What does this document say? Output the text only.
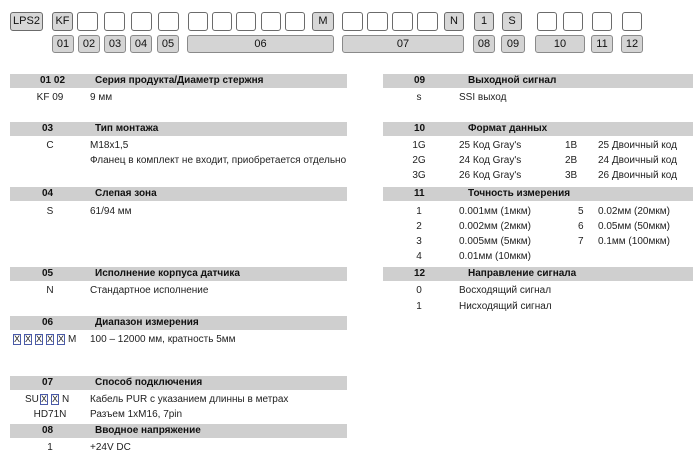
LPS2	KF	M	N	1	S
01	02	03	04	05	06	07	08	09	10	11	12
01 02	Серия продукта/Диаметр стержня
KF 09	9 мм
03	Тип монтажа
C	M18x1,5
Фланец в комплект не входит, приобретается отдельно
04	Слепая зона
S	61/94 мм
05	Исполнение корпуса датчика
N	Стандартное исполнение
06	Диапазон измерения
X X X X X M 100 – 12000 мм, кратность 5мм
07	Способ подключения
SU X X N Кабель PUR с указанием длинны в метрах
HD71N	Разъем 1xM16, 7pin
08	Вводное напряжение
1	+24V DC
09	Выходной сигнал
s	SSI выход
10	Формат данных
1G	25 Код Gray's	1B 25 Двоичный код
2G	24 Код Gray's	2B 24 Двоичный код
3G	26 Код Gray's	3B 26 Двоичный код
11	Точность измерения
1	0.001мм (1мкм)	5 0.02мм (20мкм)
2	0.002мм (2мкм)	6 0.05мм (50мкм)
3	0.005мм (5мкм)	7 0.1мм (100мкм)
4	0.01мм (10мкм)
12	Направление сигнала
0	Восходящий сигнал
1	Нисходящий сигнал
